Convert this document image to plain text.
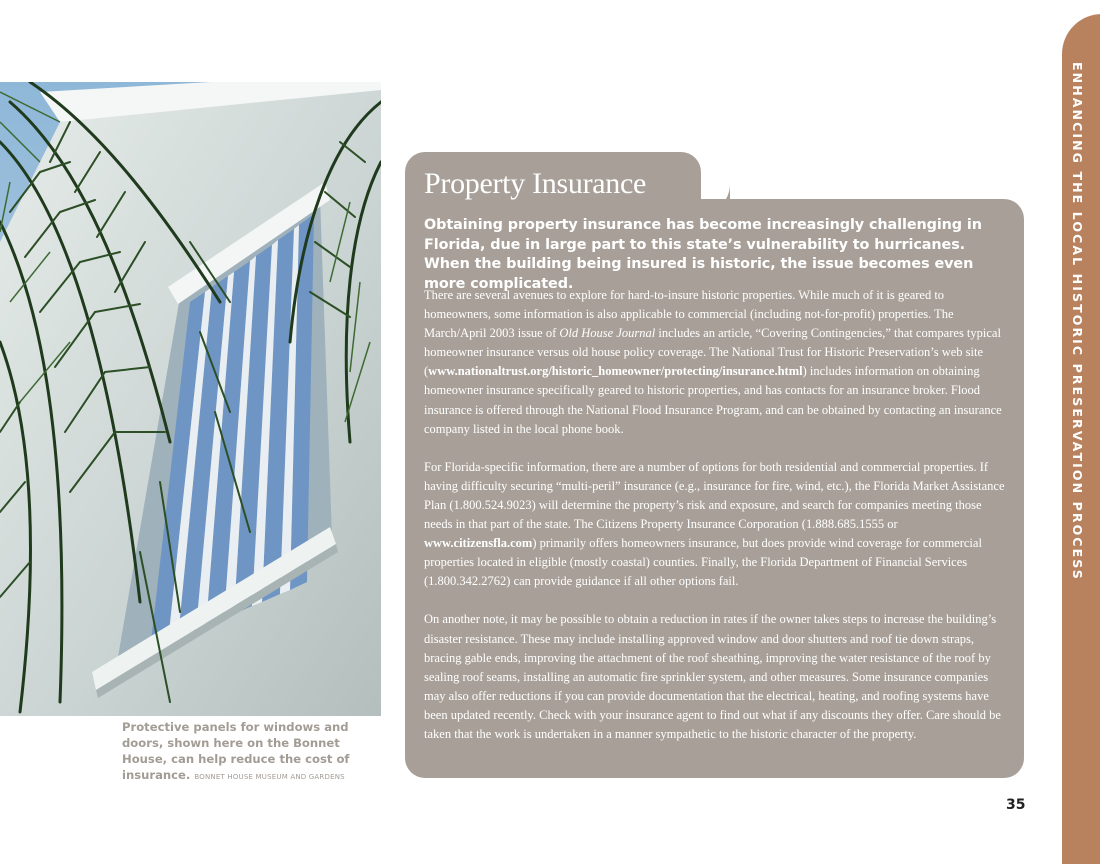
ENHANCING THE LOCAL HISTORIC PRESERVATION PROCESS
Protective panels for windows and doors, shown here on the Bonnet House, can help reduce the cost of insurance. BONNET HOUSE MUSEUM AND GARDENS
Property Insurance
Obtaining property insurance has become increasingly challenging in Florida, due in large part to this state’s vulnerability to hurricanes. When the building being insured is historic, the issue becomes even more complicated.

There are several avenues to explore for hard-to-insure historic properties. While much of it is geared to homeowners, some information is also applicable to commercial (including not-for-profit) properties. The March/April 2003 issue of Old House Journal includes an article, “Covering Contingencies,” that compares typical homeowner insurance versus old house policy coverage. The National Trust for Historic Preservation’s web site (www.nationaltrust.org/historic_homeowner/protecting/insurance.html) includes information on obtaining homeowner insurance specifically geared to historic properties, and has contacts for an insurance broker. Flood insurance is offered through the National Flood Insurance Program, and can be obtained by contacting an insurance company listed in the local phone book.

For Florida-specific information, there are a number of options for both residential and commercial properties. If having difficulty securing “multi-peril” insurance (e.g., insurance for fire, wind, etc.), the Florida Market Assistance Plan (1.800.524.9023) will determine the property’s risk and exposure, and search for companies meeting those needs in that part of the state. The Citizens Property Insurance Corporation (1.888.685.1555 or www.citizensfla.com) primarily offers homeowners insurance, but does provide wind coverage for commercial properties located in eligible (mostly coastal) counties. Finally, the Florida Department of Financial Services (1.800.342.2762) can provide guidance if all other options fail.

On another note, it may be possible to obtain a reduction in rates if the owner takes steps to increase the building’s disaster resistance. These may include installing approved window and door shutters and roof tie down straps, bracing gable ends, improving the attachment of the roof sheathing, improving the water resistance of the roof by sealing roof seams, installing an automatic fire sprinkler system, and other measures. Some insurance companies may also offer reductions if you can provide documentation that the electrical, heating, and roofing systems have been updated recently. Check with your insurance agent to find out what if any discounts they offer. Care should be taken that the work is undertaken in a manner sympathetic to the historic character of the property.

35
